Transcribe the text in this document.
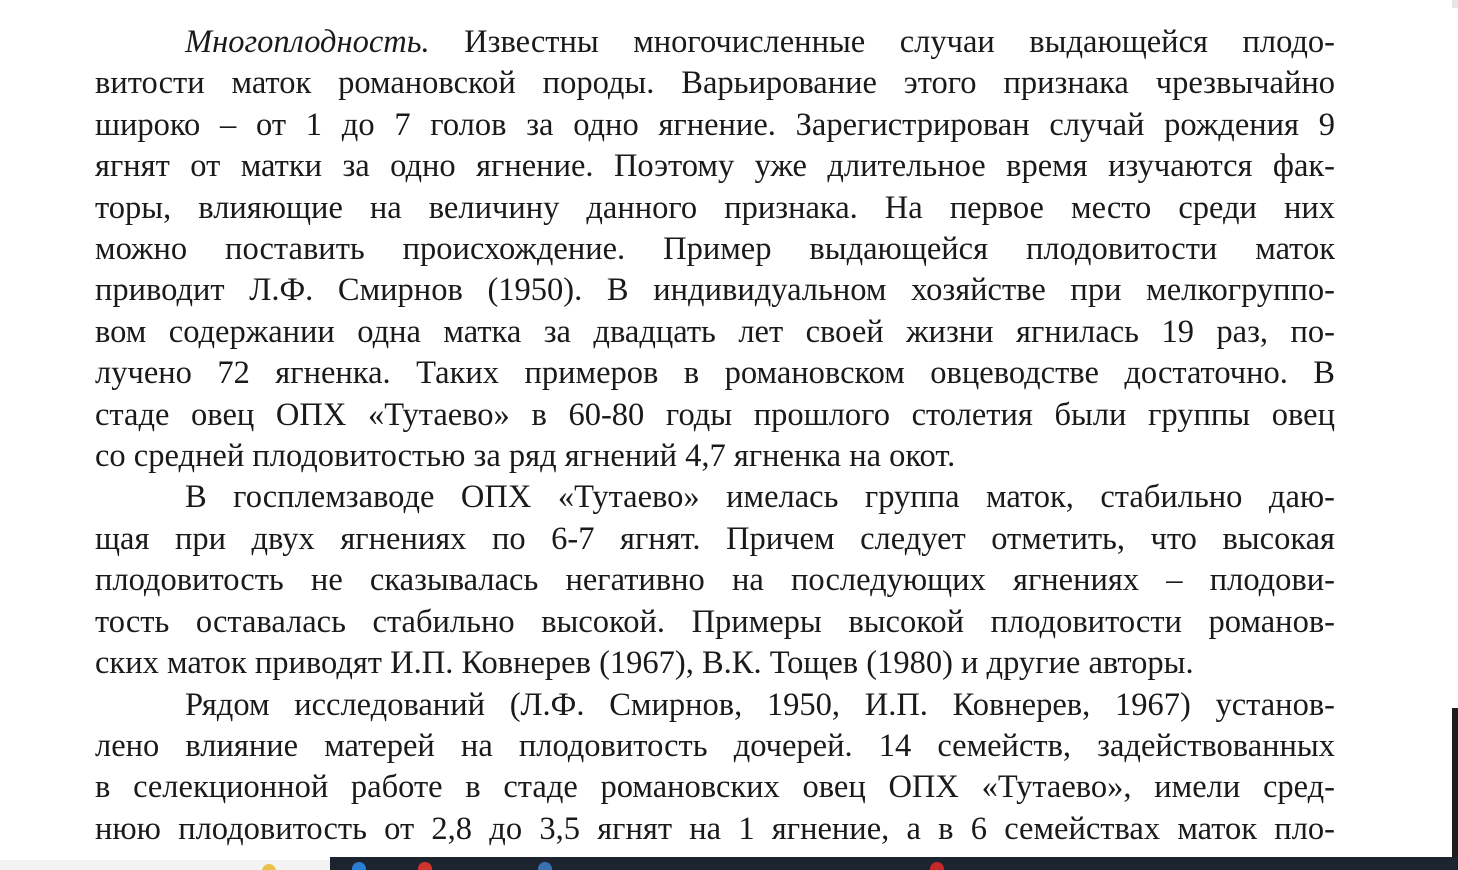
Многоплодность. Известны многочисленные случаи выдающейся плодо-
витости маток романовской породы. Варьирование этого признака чрезвычайно
широко – от 1 до 7 голов за одно ягнение. Зарегистрирован случай рождения 9
ягнят от матки за одно ягнение. Поэтому уже длительное время изучаются фак-
торы, влияющие на величину данного признака. На первое место среди них
можно поставить происхождение. Пример выдающейся плодовитости маток
приводит Л.Ф. Смирнов (1950). В индивидуальном хозяйстве при мелкогруппо-
вом содержании одна матка за двадцать лет своей жизни ягнилась 19 раз, по-
лучено 72 ягненка. Таких примеров в романовском овцеводстве достаточно. В
стаде овец ОПХ «Тутаево» в 60-80 годы прошлого столетия были группы овец
со средней плодовитостью за ряд ягнений 4,7 ягненка на окот.
В госплемзаводе ОПХ «Тутаево» имелась группа маток, стабильно даю-
щая при двух ягнениях по 6-7 ягнят. Причем следует отметить, что высокая
плодовитость не сказывалась негативно на последующих ягнениях – плодови-
тость оставалась стабильно высокой. Примеры высокой плодовитости романов-
ских маток приводят И.П. Ковнерев (1967), В.К. Тощев (1980) и другие авторы.
Рядом исследований (Л.Ф. Смирнов, 1950, И.П. Ковнерев, 1967) установ-
лено влияние матерей на плодовитость дочерей. 14 семейств, задействованных
в селекционной работе в стаде романовских овец ОПХ «Тутаево», имели сред-
нюю плодовитость от 2,8 до 3,5 ягнят на 1 ягнение, а в 6 семействах маток пло-
